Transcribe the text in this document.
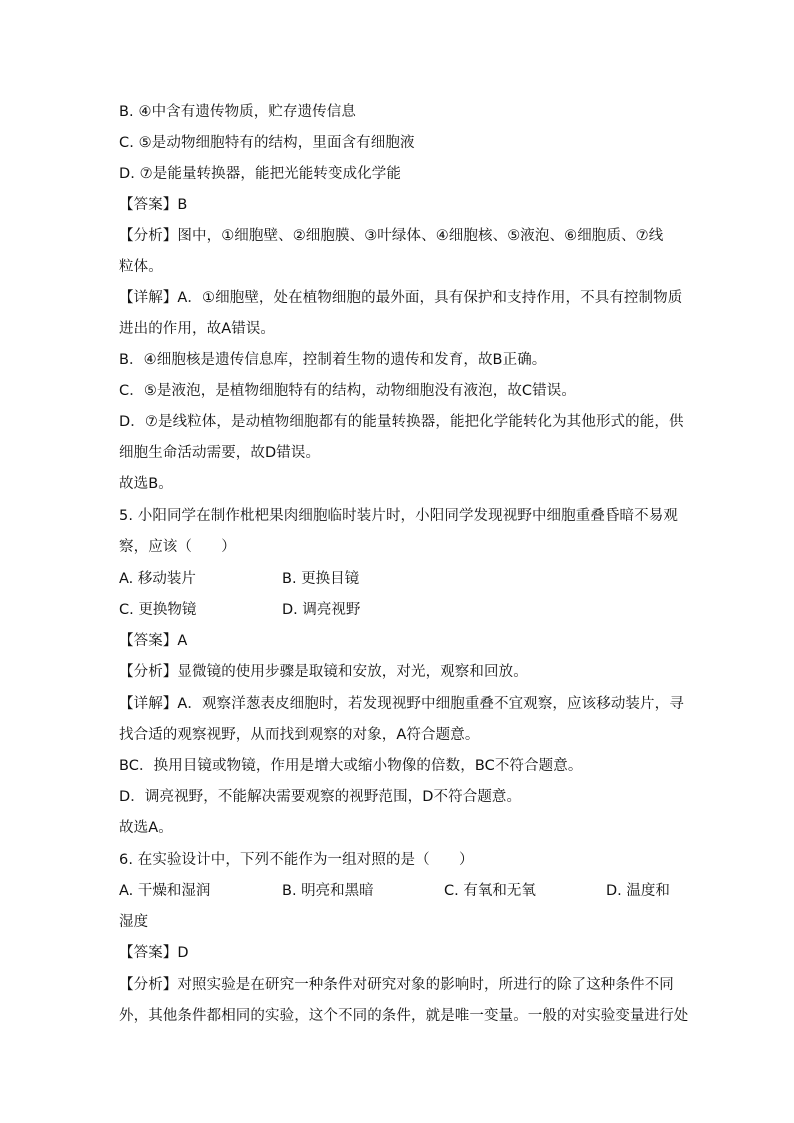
B. ④中含有遗传物质，贮存遗传信息
C. ⑤是动物细胞特有的结构，里面含有细胞液
D. ⑦是能量转换器，能把光能转变成化学能
【答案】B
【分析】图中，①细胞壁、②细胞膜、③叶绿体、④细胞核、⑤液泡、⑥细胞质、⑦线
粒体。
【详解】A．①细胞壁，处在植物细胞的最外面，具有保护和支持作用，不具有控制物质
进出的作用，故A错误。
B．④细胞核是遗传信息库，控制着生物的遗传和发育，故B正确。
C．⑤是液泡，是植物细胞特有的结构，动物细胞没有液泡，故C错误。
D．⑦是线粒体，是动植物细胞都有的能量转换器，能把化学能转化为其他形式的能，供
细胞生命活动需要，故D错误。
故选B。
5. 小阳同学在制作枇杷果肉细胞临时装片时，小阳同学发现视野中细胞重叠昏暗不易观
察，应该（　　）
A. 移动装片	B. 更换目镜
C. 更换物镜	D. 调亮视野
【答案】A
【分析】显微镜的使用步骤是取镜和安放，对光，观察和回放。
【详解】A．观察洋葱表皮细胞时，若发现视野中细胞重叠不宜观察，应该移动装片，寻
找合适的观察视野，从而找到观察的对象，A符合题意。
BC．换用目镜或物镜，作用是增大或缩小物像的倍数，BC不符合题意。
D．调亮视野，不能解决需要观察的视野范围，D不符合题意。
故选A。
6. 在实验设计中，下列不能作为一组对照的是（　　）
A. 干燥和湿润	B. 明亮和黑暗	C. 有氧和无氧	D. 温度和
湿度
【答案】D
【分析】对照实验是在研究一种条件对研究对象的影响时，所进行的除了这种条件不同
外，其他条件都相同的实验，这个不同的条件，就是唯一变量。一般的对实验变量进行处
